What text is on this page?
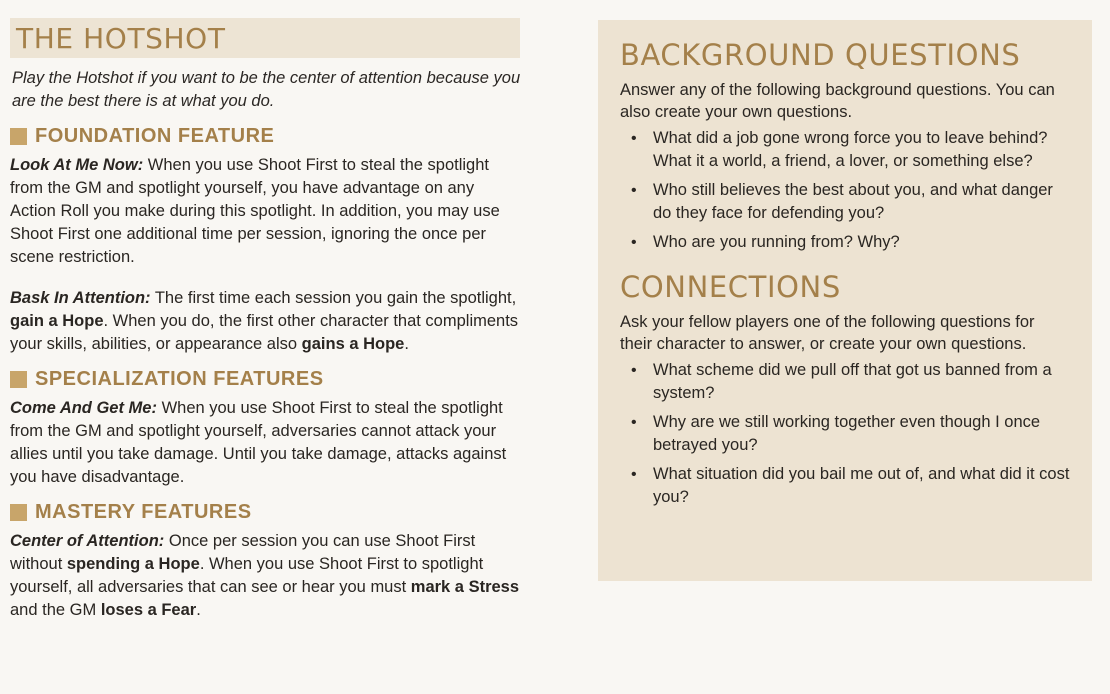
THE HOTSHOT

Play the Hotshot if you want to be the center of attention because you are the best there is at what you do.

FOUNDATION FEATURE

Look At Me Now: When you use Shoot First to steal the spotlight from the GM and spotlight yourself, you have advantage on any Action Roll you make during this spotlight. In addition, you may use Shoot First one additional time per session, ignoring the once per scene restriction.

Bask In Attention: The first time each session you gain the spotlight, gain a Hope. When you do, the first other character that compliments your skills, abilities, or appearance also gains a Hope.

SPECIALIZATION FEATURES

Come And Get Me: When you use Shoot First to steal the spotlight from the GM and spotlight yourself, adversaries cannot attack your allies until you take damage. Until you take damage, attacks against you have disadvantage.

MASTERY FEATURES

Center of Attention: Once per session you can use Shoot First without spending a Hope. When you use Shoot First to spotlight yourself, all adversaries that can see or hear you must mark a Stress and the GM loses a Fear.

BACKGROUND QUESTIONS

Answer any of the following background questions. You can also create your own questions.

• What did a job gone wrong force you to leave behind? What it a world, a friend, a lover, or something else?
• Who still believes the best about you, and what danger do they face for defending you?
• Who are you running from? Why?
CONNECTIONS

Ask your fellow players one of the following questions for their character to answer, or create your own questions.

• What scheme did we pull off that got us banned from a system?
• Why are we still working together even though I once betrayed you?
• What situation did you bail me out of, and what did it cost you?
